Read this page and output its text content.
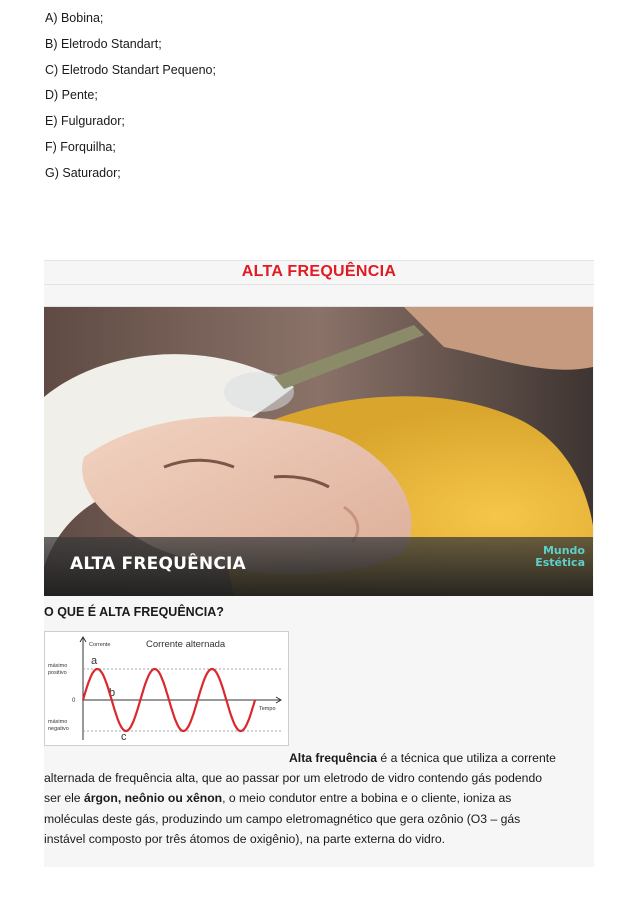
A) Bobina;
B) Eletrodo Standart;
C) Eletrodo Standart Pequeno;
D) Pente;
E) Fulgurador;
F) Forquilha;
G) Saturador;
ALTA FREQUÊNCIA
ALTA FREQUÊNCIA
Mundo
Estética
O QUE É ALTA FREQUÊNCIA?
Corrente alternada
Corrente
Tempo
máximo
positivo
0
máximo
negativo
a
b
c

Alta frequência é a técnica que utiliza a corrente

alternada de frequência alta, que ao passar por um eletrodo de vidro contendo gás podendo

ser ele árgon, neônio ou xênon, o meio condutor entre a bobina e o cliente, ioniza as

moléculas deste gás, produzindo um campo eletromagnético que gera ozônio (O3 – gás

instável composto por três átomos de oxigênio), na parte externa do vidro.
